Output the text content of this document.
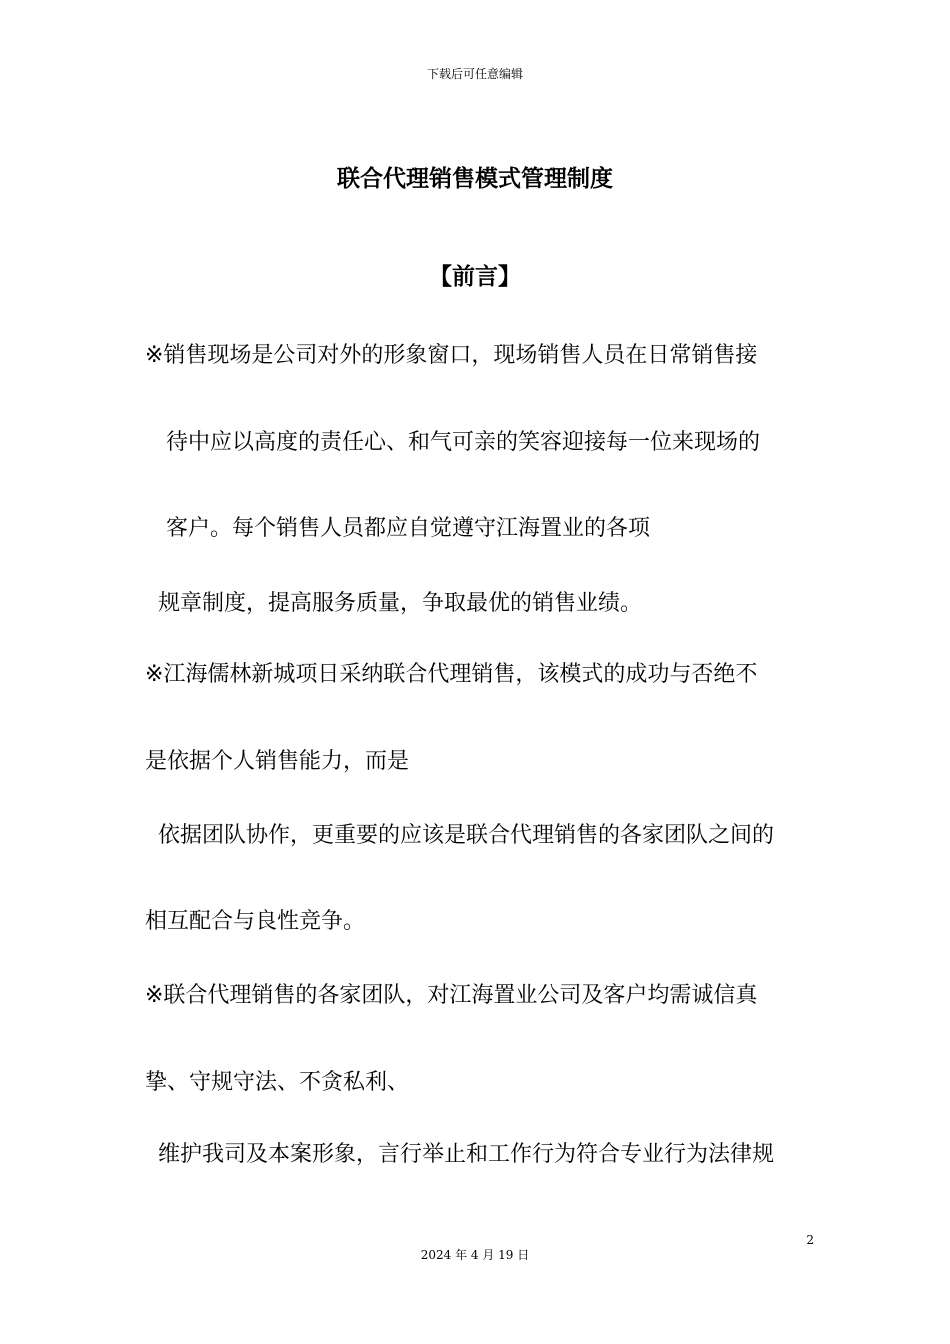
下载后可任意编辑
联合代理销售模式管理制度
【前言】
※销售现场是公司对外的形象窗口，现场销售人员在日常销售接
待中应以高度的责任心、和气可亲的笑容迎接每一位来现场的
客户。每个销售人员都应自觉遵守江海置业的各项
规章制度，提高服务质量，争取最优的销售业绩。
※江海儒林新城项日采纳联合代理销售，该模式的成功与否绝不
是依据个人销售能力，而是
依据团队协作，更重要的应该是联合代理销售的各家团队之间的
相互配合与良性竞争。
※联合代理销售的各家团队，对江海置业公司及客户均需诚信真
挚、守规守法、不贪私利、
维护我司及本案形象，言行举止和工作行为符合专业行为法律规
2
2024 年 4 月 19 日
